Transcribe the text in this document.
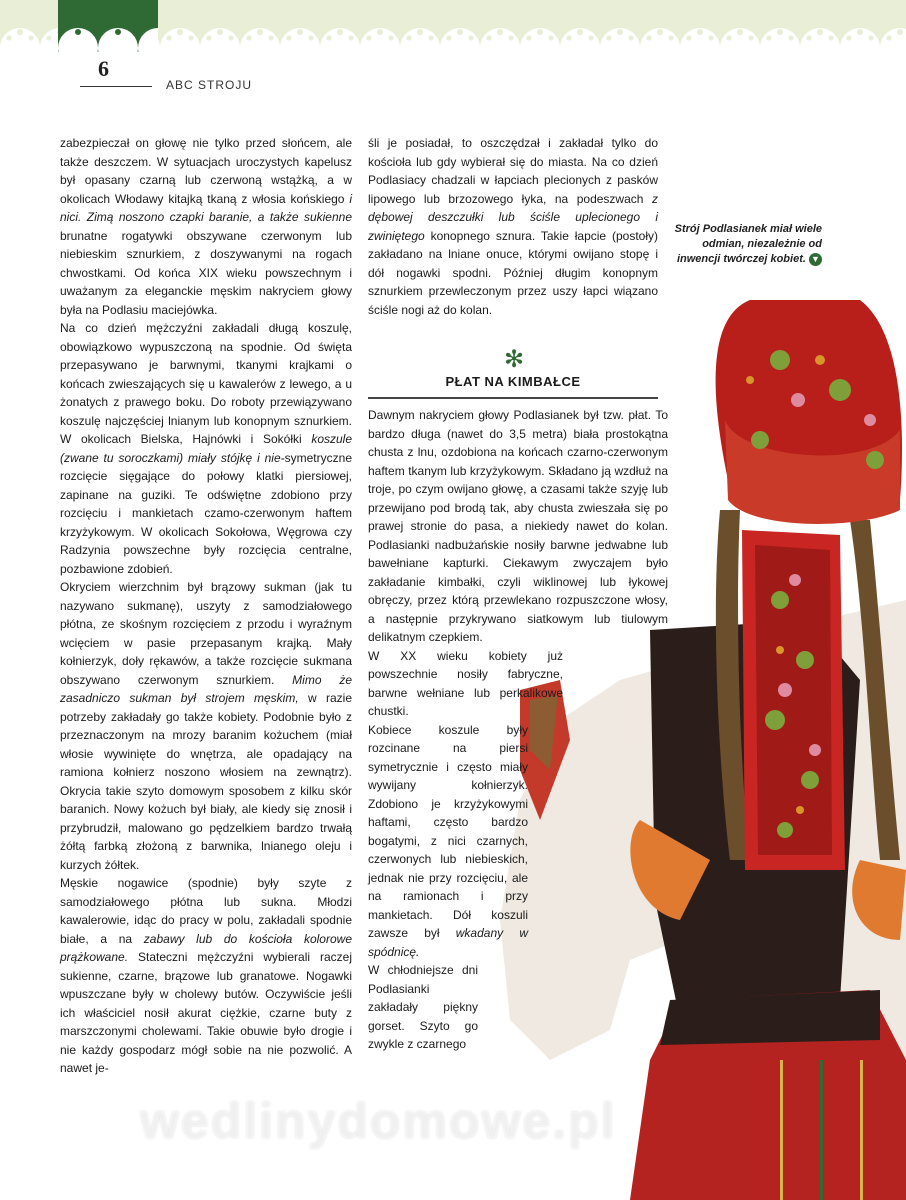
6
ABC STROJU

zabezpieczał on głowę nie tylko przed słońcem, ale także deszczem. W sytuacjach uroczystych kapelusz był opasany czarną lub czerwoną wstążką, a w okolicach Włodawy kitajką tkaną z włosia końskiego i nici. Zimą noszono czapki baranie, a także sukienne brunatne rogatywki obszywane czerwonym lub niebieskim sznurkiem, z doszywanymi na rogach chwostkami. Od końca XIX wieku powszechnym i uważanym za eleganckie męskim nakryciem głowy była na Podlasiu maciejówka.

Na co dzień mężczyźni zakładali długą koszulę, obowiązkowo wypuszczoną na spodnie. Od święta przepasywano je barwnymi, tkanymi krajkami o końcach zwieszających się u kawalerów z lewego, a u żonatych z prawego boku. Do roboty przewiązywano koszulę najczęściej lnianym lub konopnym sznurkiem. W okolicach Bielska, Hajnówki i Sokółki koszule (zwane tu soroczkami) miały stójkę i nie-symetryczne rozcięcie sięgające do połowy klatki piersiowej, zapinane na guziki. Te odświętne zdobiono przy rozcięciu i mankietach czamo-czerwonym haftem krzyżykowym. W okolicach Sokołowa, Węgrowa czy Radzynia powszechne były rozcięcia centralne, pozbawione zdobień.

Okryciem wierzchnim był brązowy sukman (jak tu nazywano sukmanę), uszyty z samodziałowego płótna, ze skośnym rozcięciem z przodu i wyraźnym wcięciem w pasie przepasanym krajką. Mały kołnierzyk, doły rękawów, a także rozcięcie sukmana obszywano czerwonym sznurkiem. Mimo że zasadniczo sukman był strojem męskim, w razie potrzeby zakładały go także kobiety. Podobnie było z przeznaczonym na mrozy baranim kożuchem (miał włosie wywinięte do wnętrza, ale opadający na ramiona kołnierz noszono włosiem na zewnątrz). Okrycia takie szyto domowym sposobem z kilku skór baranich. Nowy kożuch był biały, ale kiedy się znosił i przybrudził, malowano go pędzelkiem bardzo trwałą żółtą farbką złożoną z barwnika, lnianego oleju i kurzych żółtek.

Męskie nogawice (spodnie) były szyte z samodziałowego płótna lub sukna. Młodzi kawalerowie, idąc do pracy w polu, zakładali spodnie białe, a na zabawy lub do kościoła kolorowe prążkowane. Stateczni mężczyźni wybierali raczej sukienne, czarne, brązowe lub granatowe. Nogawki wpuszczane były w cholewy butów. Oczywiście jeśli ich właściciel nosił akurat ciężkie, czarne buty z marszczonymi cholewami. Takie obuwie było drogie i nie każdy gospodarz mógł sobie na nie pozwolić. A nawet je-

śli je posiadał, to oszczędzał i zakładał tylko do kościoła lub gdy wybierał się do miasta. Na co dzień Podlasiacy chadzali w łapciach plecionych z pasków lipowego lub brzozowego łyka, na podeszwach z dębowej deszczułki lub ściśle uplecionego i zwiniętego konopnego sznura. Takie łapcie (postoły) zakładano na lniane onuce, którymi owijano stopę i dół nogawki spodni. Później długim konopnym sznurkiem przewleczonym przez uszy łapci wiązano ściśle nogi aż do kolan.

✻
PŁAT NA KIMBAŁCE

Dawnym nakryciem głowy Podlasianek był tzw. płat. To bardzo długa (nawet do 3,5 metra) biała prostokątna chusta z lnu, ozdobiona na końcach czarno-czerwonym haftem tkanym lub krzyżykowym. Składano ją wzdłuż na troje, po czym owijano głowę, a czasami także szyję lub przewijano pod brodą tak, aby chusta zwieszała się po prawej stronie do pasa, a niekiedy nawet do kolan. Podlasianki nadbużańskie nosiły barwne jedwabne lub bawełniane kapturki. Ciekawym zwyczajem było zakładanie kimbałki, czyli wiklinowej lub łykowej obręczy, przez którą przewlekano rozpuszczone włosy, a następnie przykrywano siatkowym lub tiulowym delikatnym czepkiem.

W XX wieku kobiety już powszechnie nosiły fabryczne, barwne wełniane lub perkalikowe chustki.

Kobiece koszule były rozcinane na piersi symetrycznie i często miały wywijany kołnierzyk. Zdobiono je krzyżykowymi haftami, często bardzo bogatymi, z nici czarnych, czerwonych lub niebieskich, jednak nie przy rozcięciu, ale na ramionach i przy mankietach. Dół koszuli zawsze był wkadany w spódnicę.

W chłodniejsze dni Podlasianki zakładały piękny gorset. Szyto go zwykle z czarnego

Strój Podlasianek miał wiele odmian, niezależnie od inwencji twórczej kobiet. ▼
wedlinydomowe.pl
